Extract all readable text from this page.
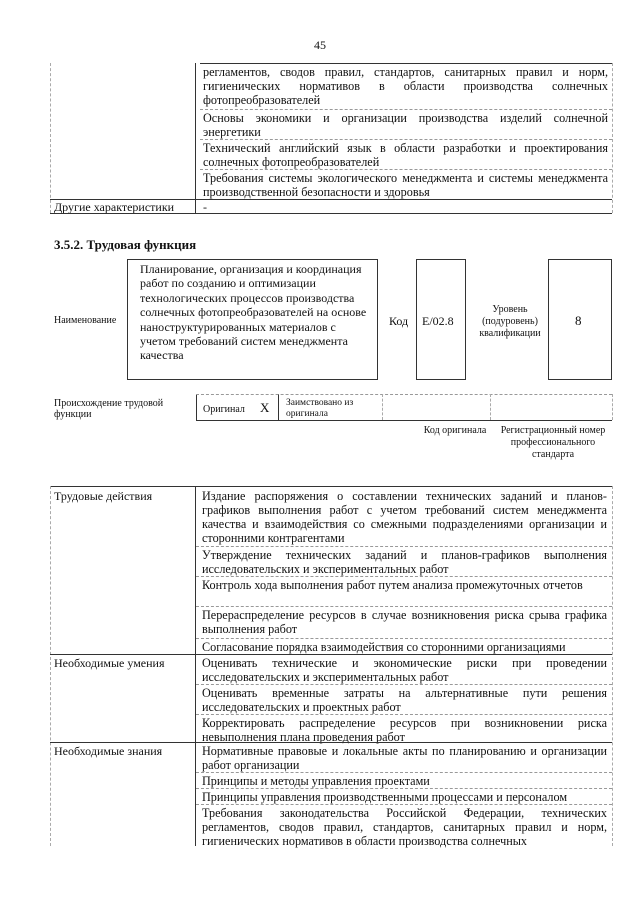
45
регламентов, сводов правил, стандартов, санитарных правил и норм, гигиенических нормативов в области производства солнечных фотопреобразователей
Основы экономики и организации производства изделий солнечной энергетики
Технический английский язык в области разработки и проектирования солнечных фотопреобразователей
Требования системы экологического менеджмента и системы менеджмента производственной безопасности и здоровья
Другие характеристики -
3.5.2. Трудовая функция
Наименование
Планирование, организация и координация работ по созданию и оптимизации технологических процессов производства солнечных фотопреобразователей на основе наноструктурированных материалов с учетом требований систем менеджмента качества
Код E/02.8
Уровень (подуровень) квалификации
8
Происхождение трудовой функции	Оригинал X Заимствовано из оригинала
Код оригинала	Регистрационный номер профессионального стандарта
Трудовые действия	Издание распоряжения о составлении технических заданий и планов-графиков выполнения работ с учетом требований систем менеджмента качества и взаимодействия со смежными подразделениями организации и сторонними контрагентами
Утверждение технических заданий и планов-графиков выполнения исследовательских и экспериментальных работ
Контроль хода выполнения работ путем анализа промежуточных отчетов
Перераспределение ресурсов в случае возникновения риска срыва графика выполнения работ
Согласование порядка взаимодействия со сторонними организациями
Необходимые умения	Оценивать технические и экономические риски при проведении исследовательских и экспериментальных работ
Оценивать временные затраты на альтернативные пути решения исследовательских и проектных работ
Корректировать распределение ресурсов при возникновении риска невыполнения плана проведения работ
Необходимые знания	Нормативные правовые и локальные акты по планированию и организации работ организации
Принципы и методы управления проектами
Принципы управления производственными процессами и персоналом
Требования законодательства Российской Федерации, технических регламентов, сводов правил, стандартов, санитарных правил и норм, гигиенических нормативов в области производства солнечных
